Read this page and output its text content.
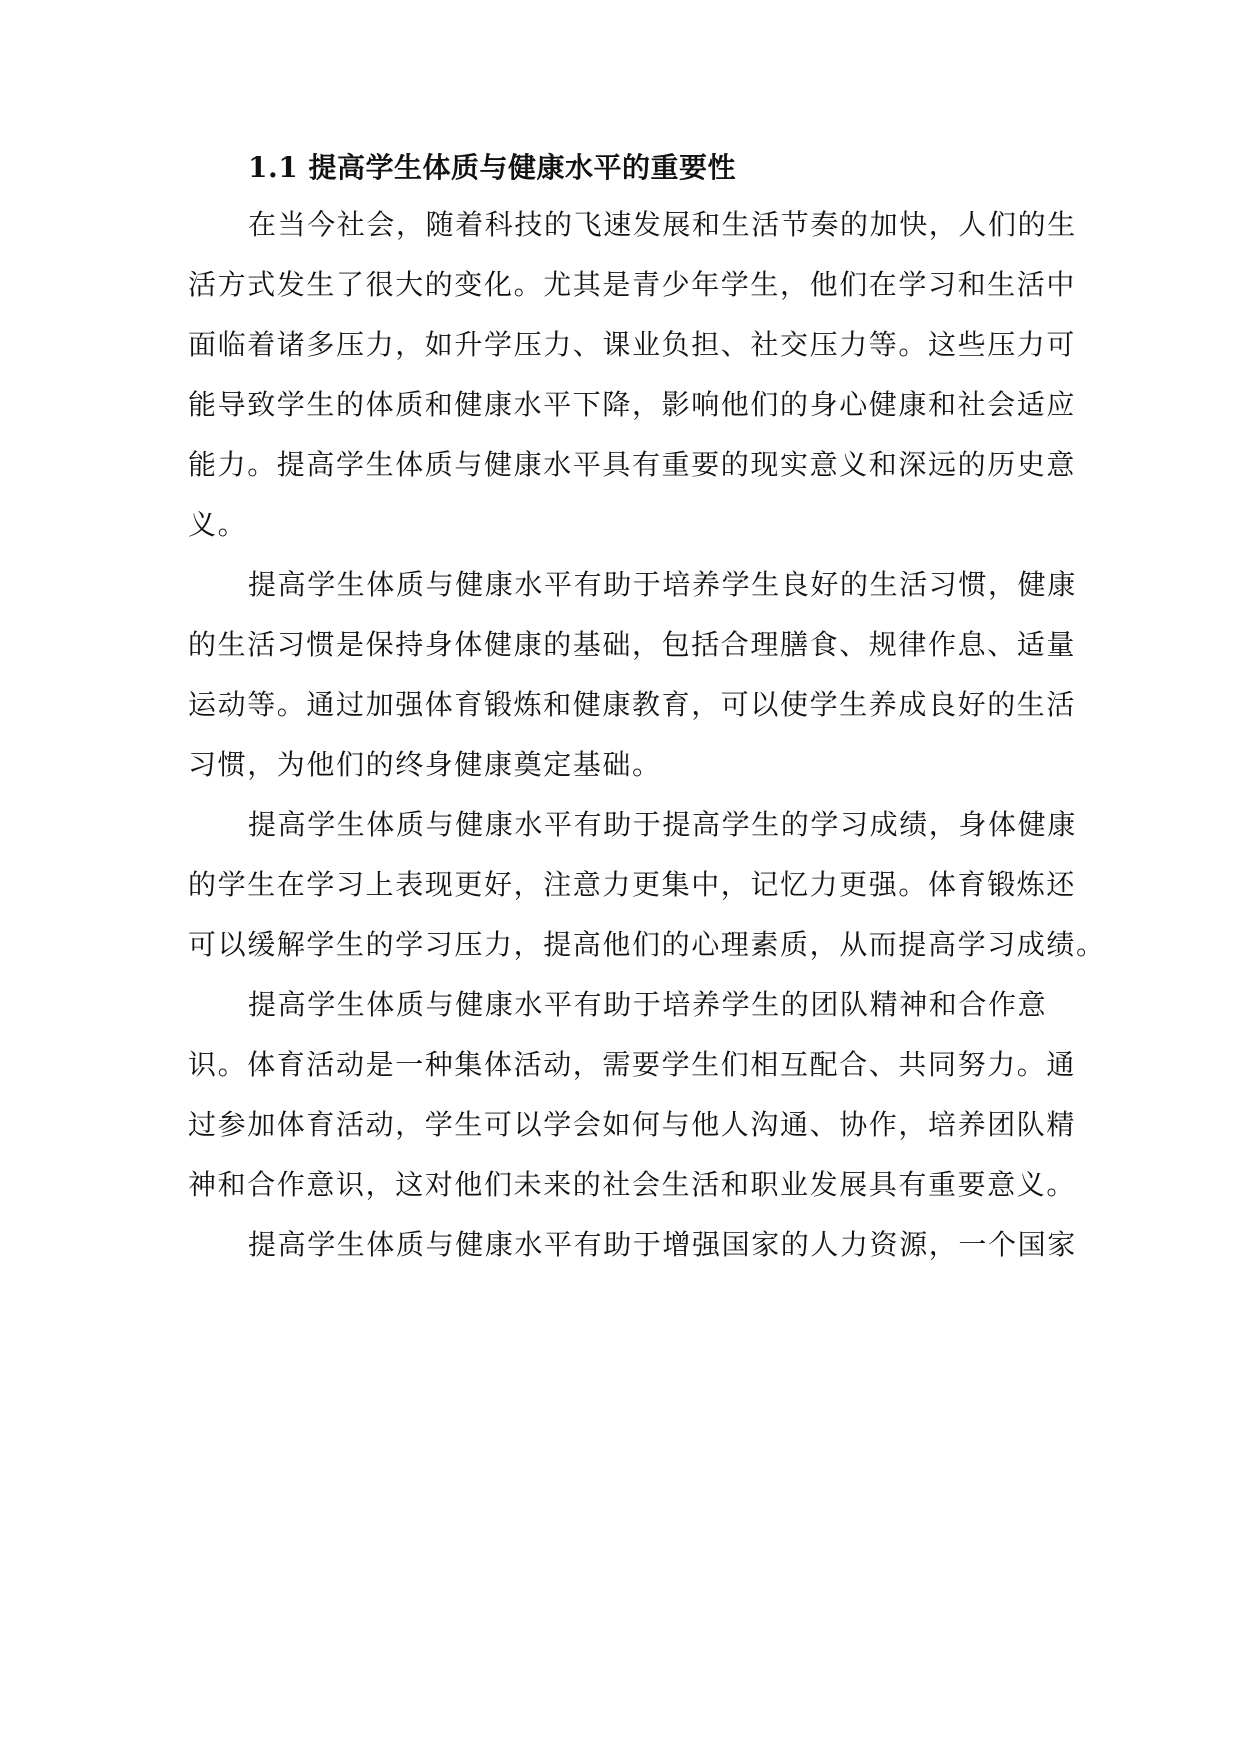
1.1 提高学生体质与健康水平的重要性
在当今社会，随着科技的飞速发展和生活节奏的加快，人们的生
活方式发生了很大的变化。尤其是青少年学生，他们在学习和生活中
面临着诸多压力，如升学压力、课业负担、社交压力等。这些压力可
能导致学生的体质和健康水平下降，影响他们的身心健康和社会适应
能力。提高学生体质与健康水平具有重要的现实意义和深远的历史意
义。
提高学生体质与健康水平有助于培养学生良好的生活习惯，健康
的生活习惯是保持身体健康的基础，包括合理膳食、规律作息、适量
运动等。通过加强体育锻炼和健康教育，可以使学生养成良好的生活
习惯，为他们的终身健康奠定基础。
提高学生体质与健康水平有助于提高学生的学习成绩，身体健康
的学生在学习上表现更好，注意力更集中，记忆力更强。体育锻炼还
可以缓解学生的学习压力，提高他们的心理素质，从而提高学习成绩。
提高学生体质与健康水平有助于培养学生的团队精神和合作意
识。体育活动是一种集体活动，需要学生们相互配合、共同努力。通
过参加体育活动，学生可以学会如何与他人沟通、协作，培养团队精
神和合作意识，这对他们未来的社会生活和职业发展具有重要意义。
提高学生体质与健康水平有助于增强国家的人力资源，一个国家
